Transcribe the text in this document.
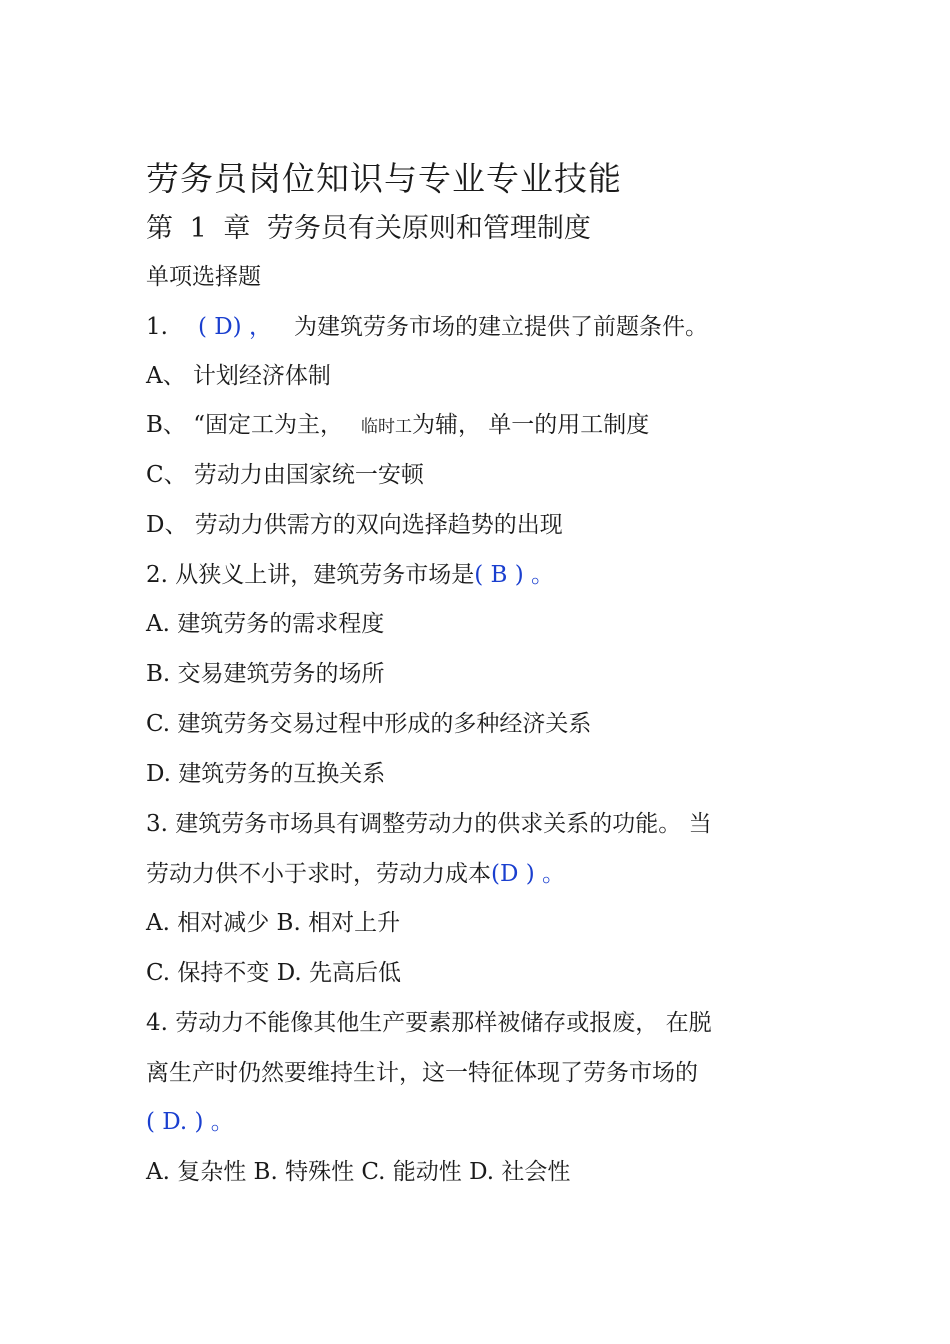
劳务员岗位知识与专业专业技能
第 1 章 劳务员有关原则和管理制度
单项选择题
1. ( D) ， 为建筑劳务市场的建立提供了前题条件。
A、 计划经济体制
B、 “固定工为主， 临时工为辅， 单一的用工制度
C、 劳动力由国家统一安顿
D、 劳动力供需方的双向选择趋势的出现
2. 从狭义上讲，建筑劳务市场是( B ) 。
A. 建筑劳务的需求程度
B. 交易建筑劳务的场所
C. 建筑劳务交易过程中形成的多种经济关系
D. 建筑劳务的互换关系
3. 建筑劳务市场具有调整劳动力的供求关系的功能。 当
劳动力供不小于求时，劳动力成本(D ) 。
A. 相对减少 B. 相对上升
C. 保持不变 D. 先高后低
4. 劳动力不能像其他生产要素那样被储存或报废， 在脱
离生产时仍然要维持生计，这一特征体现了劳务市场的
( D. ) 。
A. 复杂性 B. 特殊性 C. 能动性 D. 社会性
